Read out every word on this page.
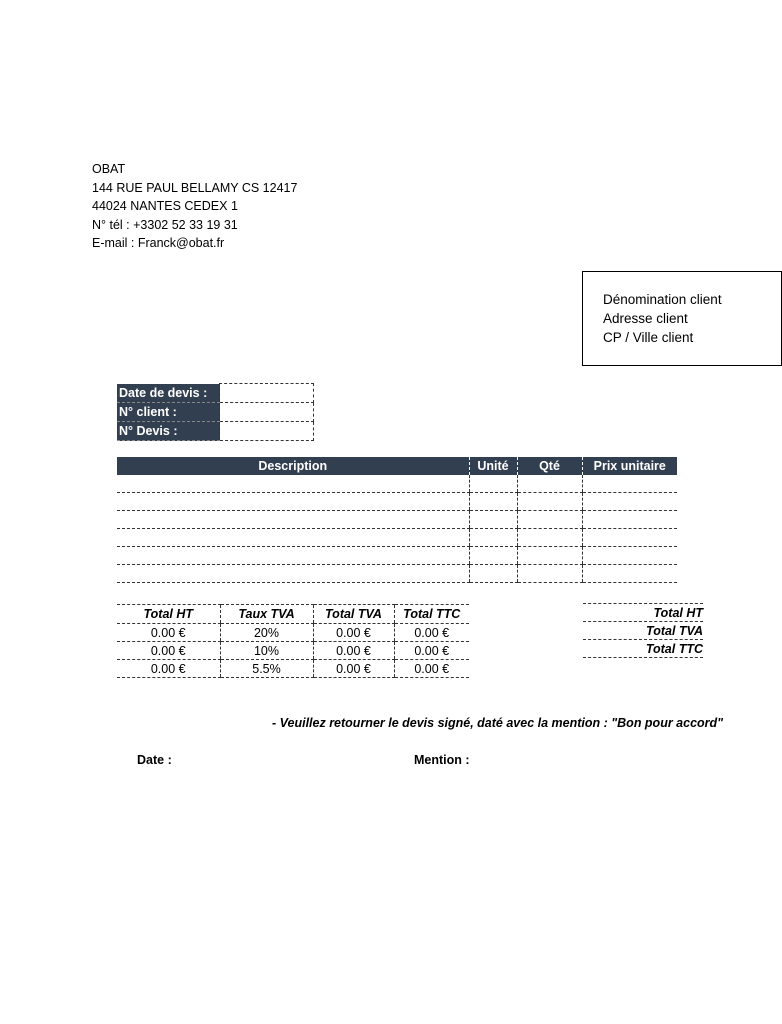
OBAT
144 RUE PAUL BELLAMY CS 12417
44024 NANTES CEDEX 1
N° tél : +3302 52 33 19 31
E-mail : Franck@obat.fr
Dénomination client
Adresse client
CP / Ville client
Date de devis :	
N° client :	
N° Devis :	
Description	Unité	Qté	Prix unitaire

Total HT	Taux TVA	Total TVA	Total TTC
0.00 €	20%	0.00 €	0.00 €
0.00 €	10%	0.00 €	0.00 €
0.00 €	5.5%	0.00 €	0.00 €
Total HT
Total TVA
Total TTC
- Veuillez retourner le devis signé, daté avec la mention : "Bon pour accord"
Date :	Mention :
